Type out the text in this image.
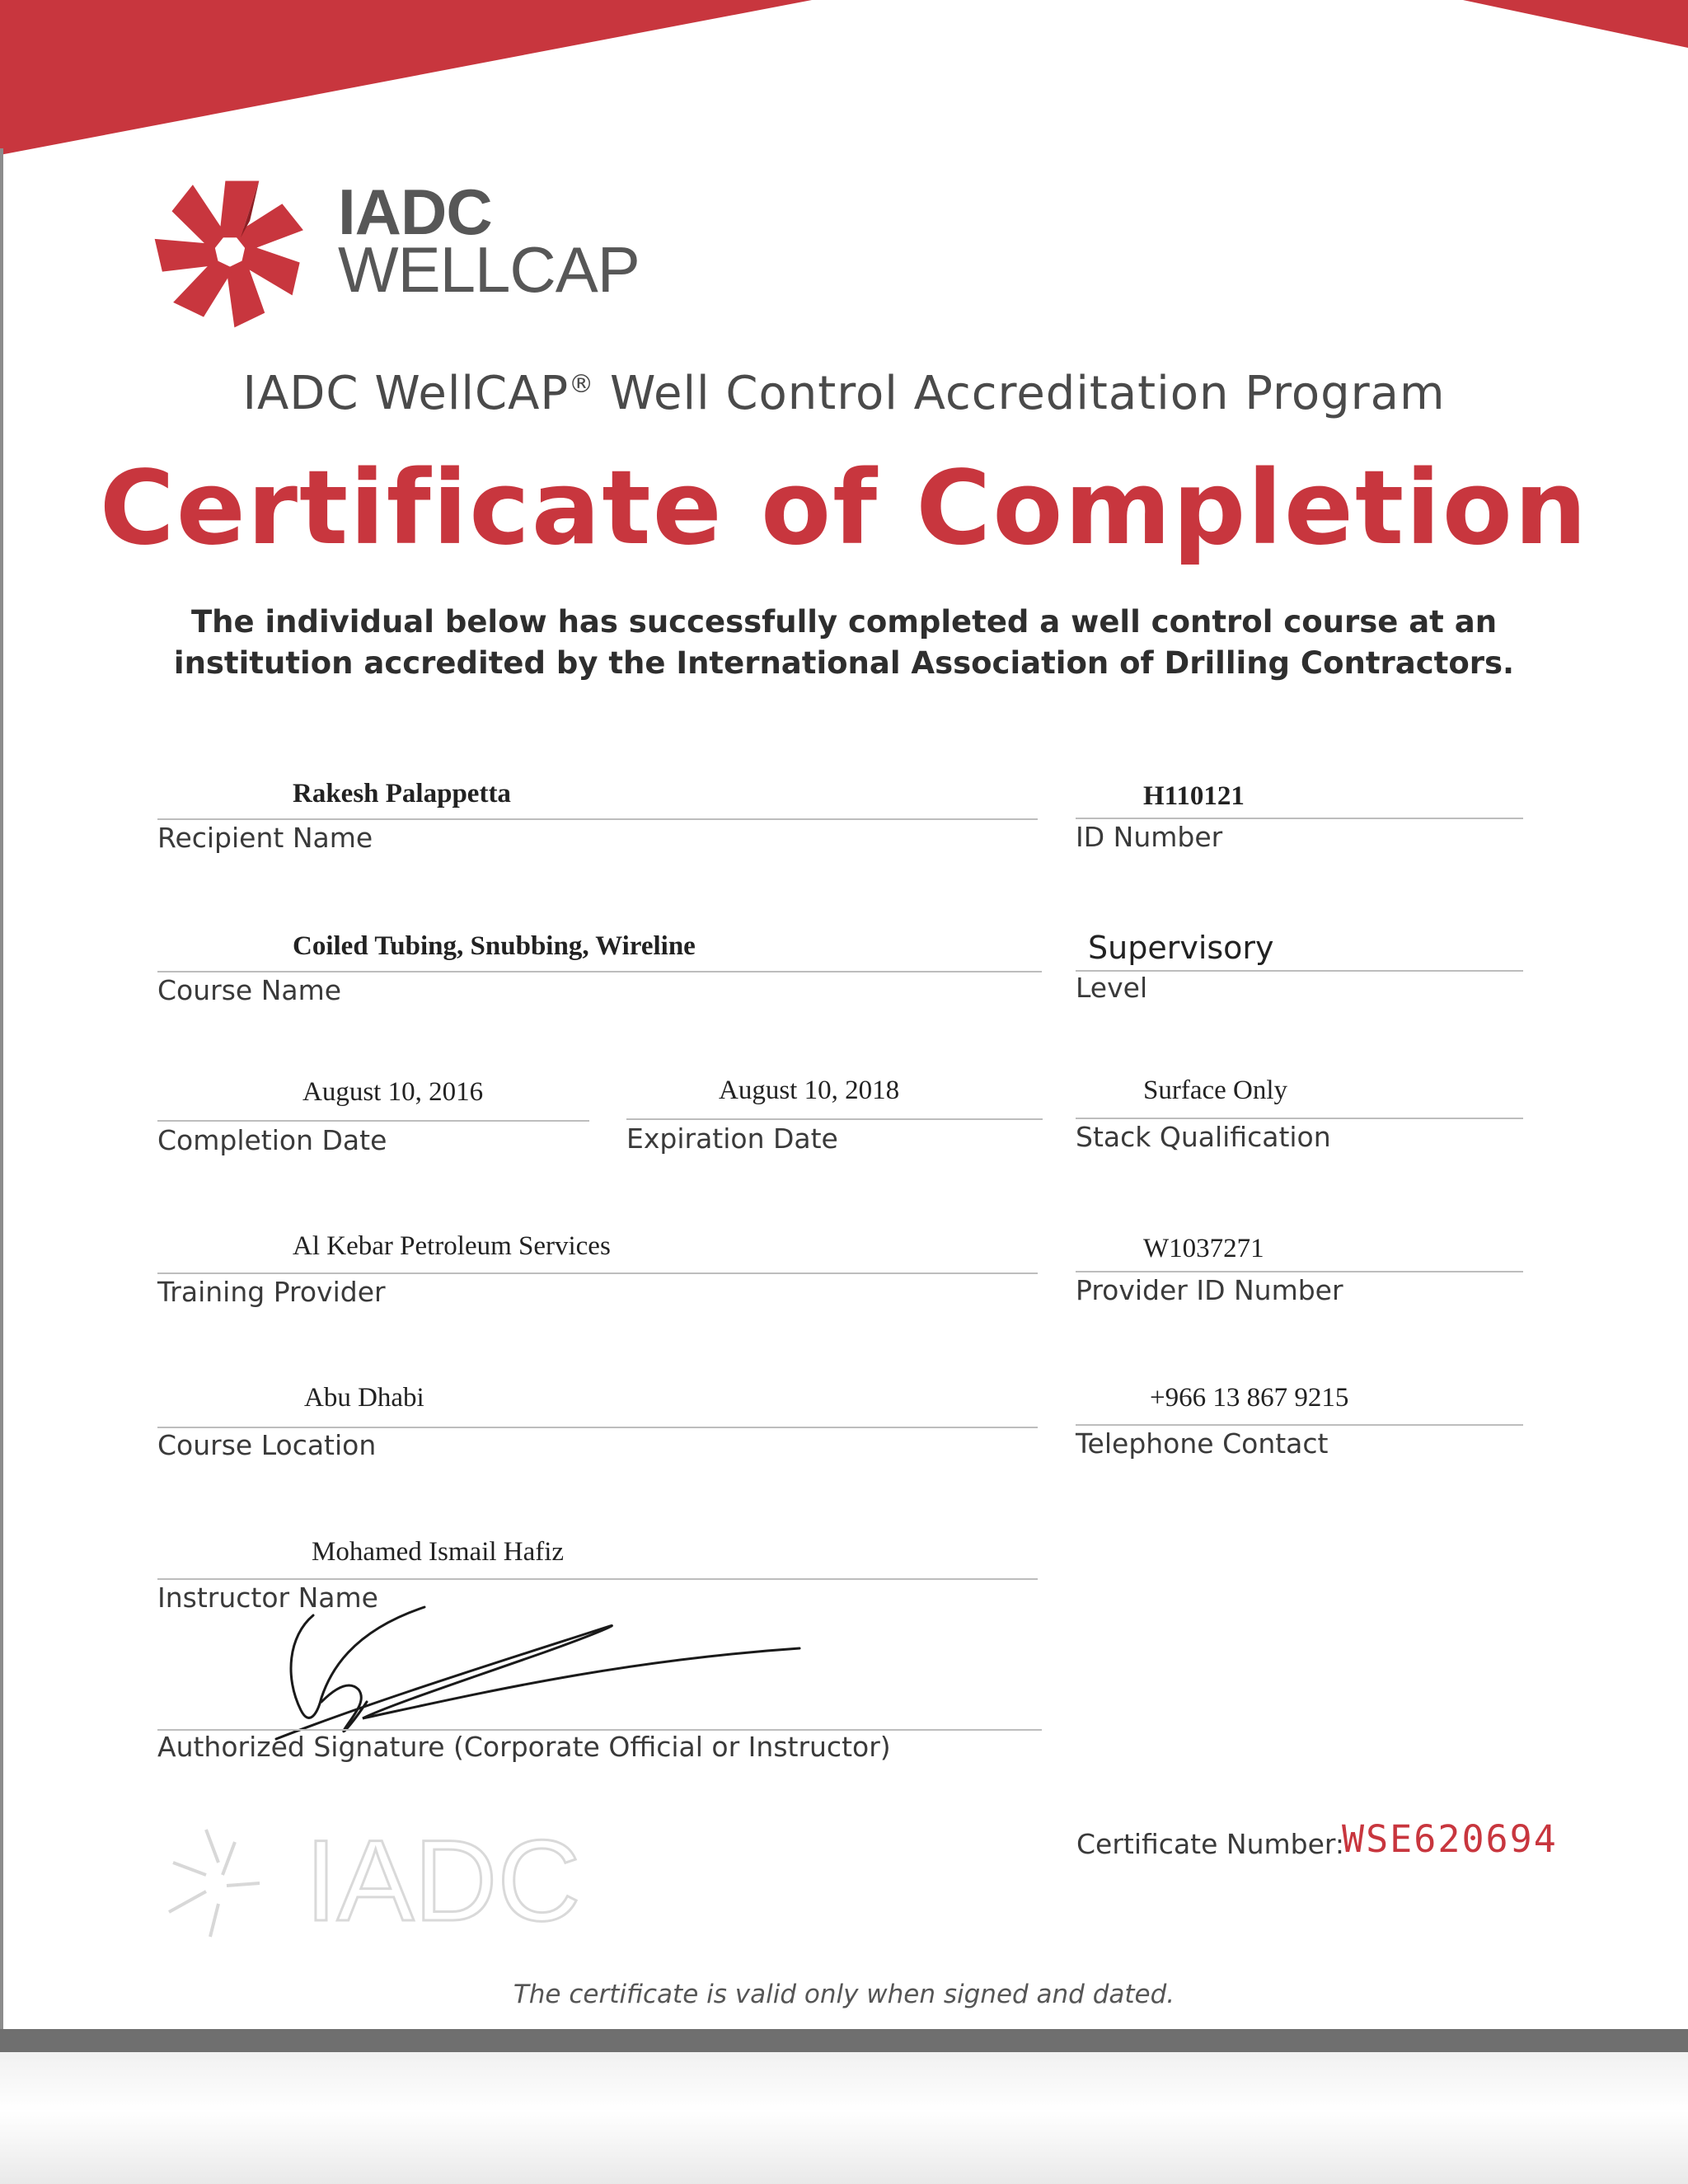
IADC
WELLCAP
IADC WellCAP® Well Control Accreditation Program
Certificate of Completion
The individual below has successfully completed a well control course at an
institution accredited by the International Association of Drilling Contractors.
Rakesh Palappetta
Recipient Name
H110121
ID Number
Coiled Tubing, Snubbing, Wireline
Course Name
Supervisory
Level
August 10, 2016
Completion Date
August 10, 2018
Expiration Date
Surface Only
Stack Qualification
Al Kebar Petroleum Services
Training Provider
W1037271
Provider ID Number
Abu Dhabi
Course Location
+966 13 867 9215
Telephone Contact
Mohamed Ismail Hafiz
Instructor Name
Authorized Signature (Corporate Official or Instructor)
IADC	Certificate Number:
WSE620694
The certificate is valid only when signed and dated.
